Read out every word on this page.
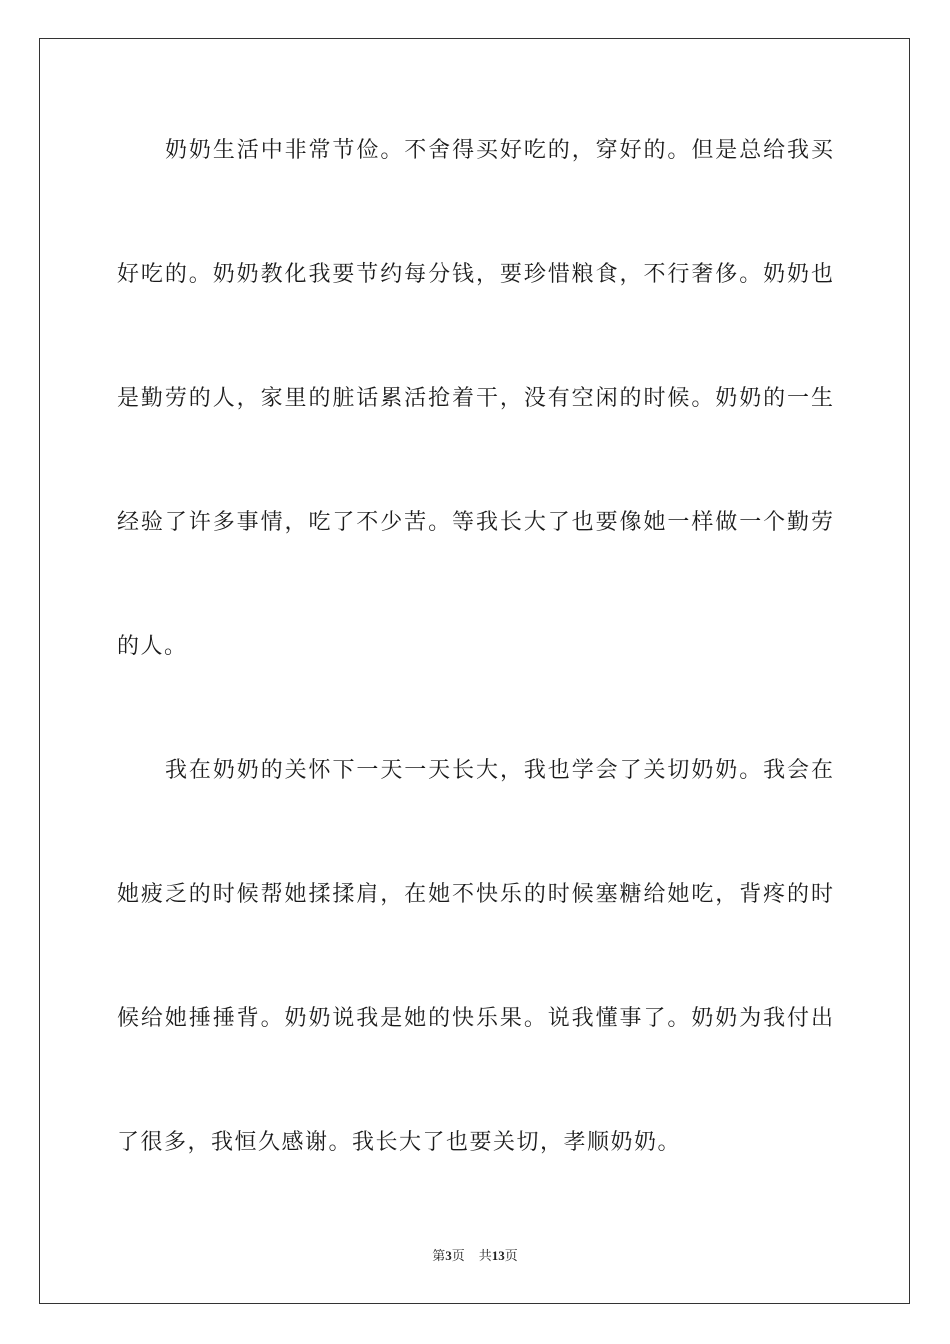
奶奶生活中非常节俭。不舍得买好吃的，穿好的。但是总给我买
好吃的。奶奶教化我要节约每分钱，要珍惜粮食，不行奢侈。奶奶也
是勤劳的人，家里的脏话累活抢着干，没有空闲的时候。奶奶的一生
经验了许多事情，吃了不少苦。等我长大了也要像她一样做一个勤劳
的人。
我在奶奶的关怀下一天一天长大，我也学会了关切奶奶。我会在
她疲乏的时候帮她揉揉肩，在她不快乐的时候塞糖给她吃，背疼的时
候给她捶捶背。奶奶说我是她的快乐果。说我懂事了。奶奶为我付出
了很多，我恒久感谢。我长大了也要关切，孝顺奶奶。
第3页 共13页
